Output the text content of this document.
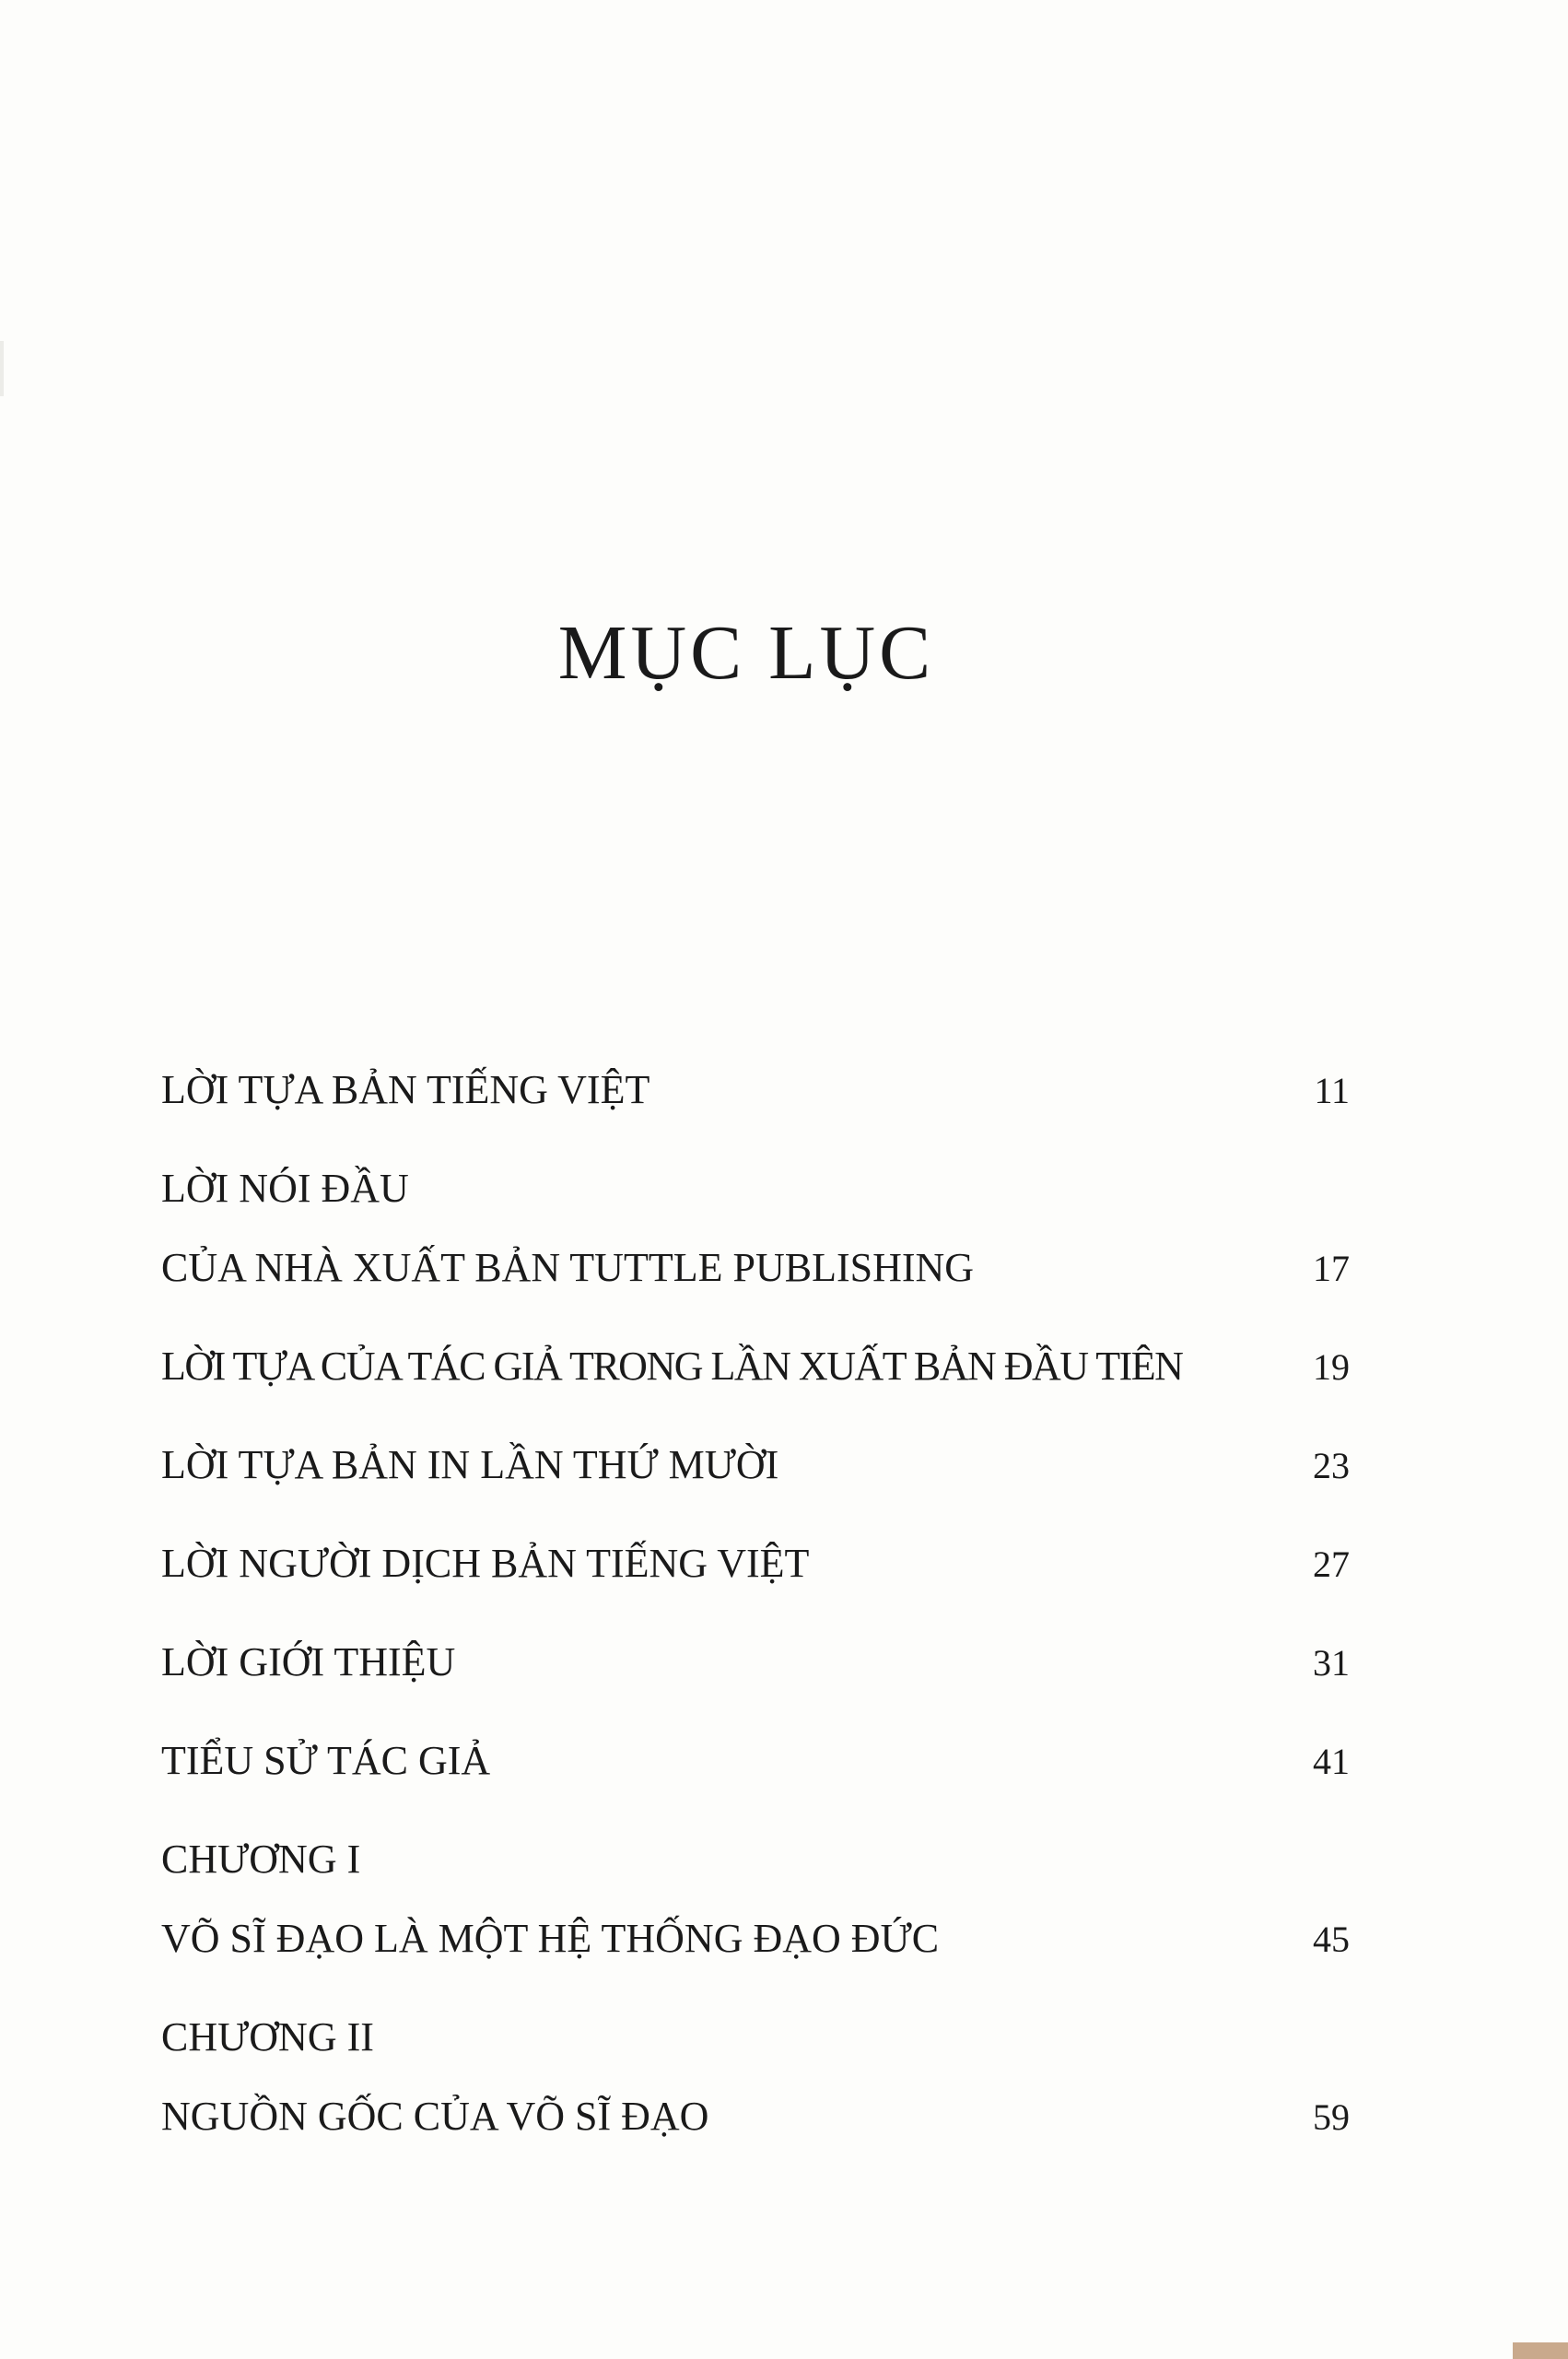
MỤC LỤC
LỜI TỰA BẢN TIẾNG VIỆT	11
LỜI NÓI ĐẦU
CỦA NHÀ XUẤT BẢN TUTTLE PUBLISHING	17
LỜI TỰA CỦA TÁC GIẢ TRONG LẦN XUẤT BẢN ĐẦU TIÊN	19
LỜI TỰA BẢN IN LẦN THỨ MƯỜI	23
LỜI NGƯỜI DỊCH BẢN TIẾNG VIỆT	27
LỜI GIỚI THIỆU	31
TIỂU SỬ TÁC GIẢ	41
CHƯƠNG I
VÕ SĨ ĐẠO LÀ MỘT HỆ THỐNG ĐẠO ĐỨC	45
CHƯƠNG II
NGUỒN GỐC CỦA VÕ SĨ ĐẠO	59
